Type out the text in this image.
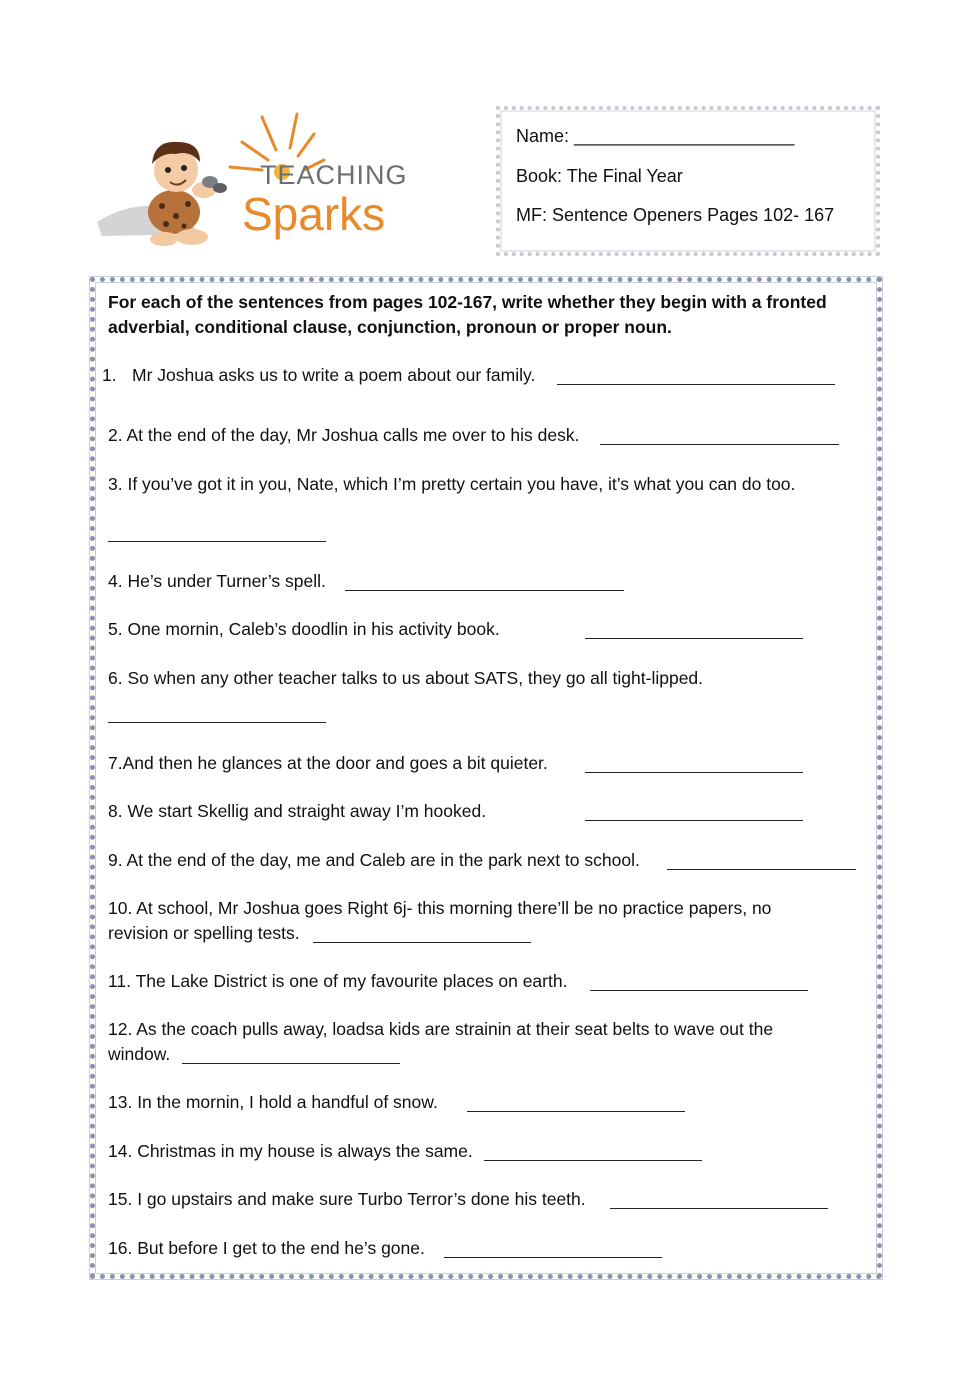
TEACHING
Sparks
Name: ______________________
Book: The Final Year
MF: Sentence Openers Pages 102- 167
For each of the sentences from pages 102-167, write whether they begin with a fronted adverbial, conditional clause, conjunction, pronoun or proper noun.
1. Mr Joshua asks us to write a poem about our family.
2. At the end of the day, Mr Joshua calls me over to his desk.
3. If you’ve got it in you, Nate, which I’m pretty certain you have, it’s what you can do too.
4. He’s under Turner’s spell.
5. One mornin, Caleb’s doodlin in his activity book.
6. So when any other teacher talks to us about SATS, they go all tight-lipped.
7.And then he glances at the door and goes a bit quieter.
8. We start Skellig and straight away I’m hooked.
9. At the end of the day, me and Caleb are in the park next to school.
10. At school, Mr Joshua goes Right 6j- this morning there’ll be no practice papers, no revision or spelling tests.
11. The Lake District is one of my favourite places on earth.
12. As the coach pulls away, loadsa kids are strainin at their seat belts to wave out the window.
13. In the mornin, I hold a handful of snow.
14. Christmas in my house is always the same.
15. I go upstairs and make sure Turbo Terror’s done his teeth.
16. But before I get to the end he’s gone.
